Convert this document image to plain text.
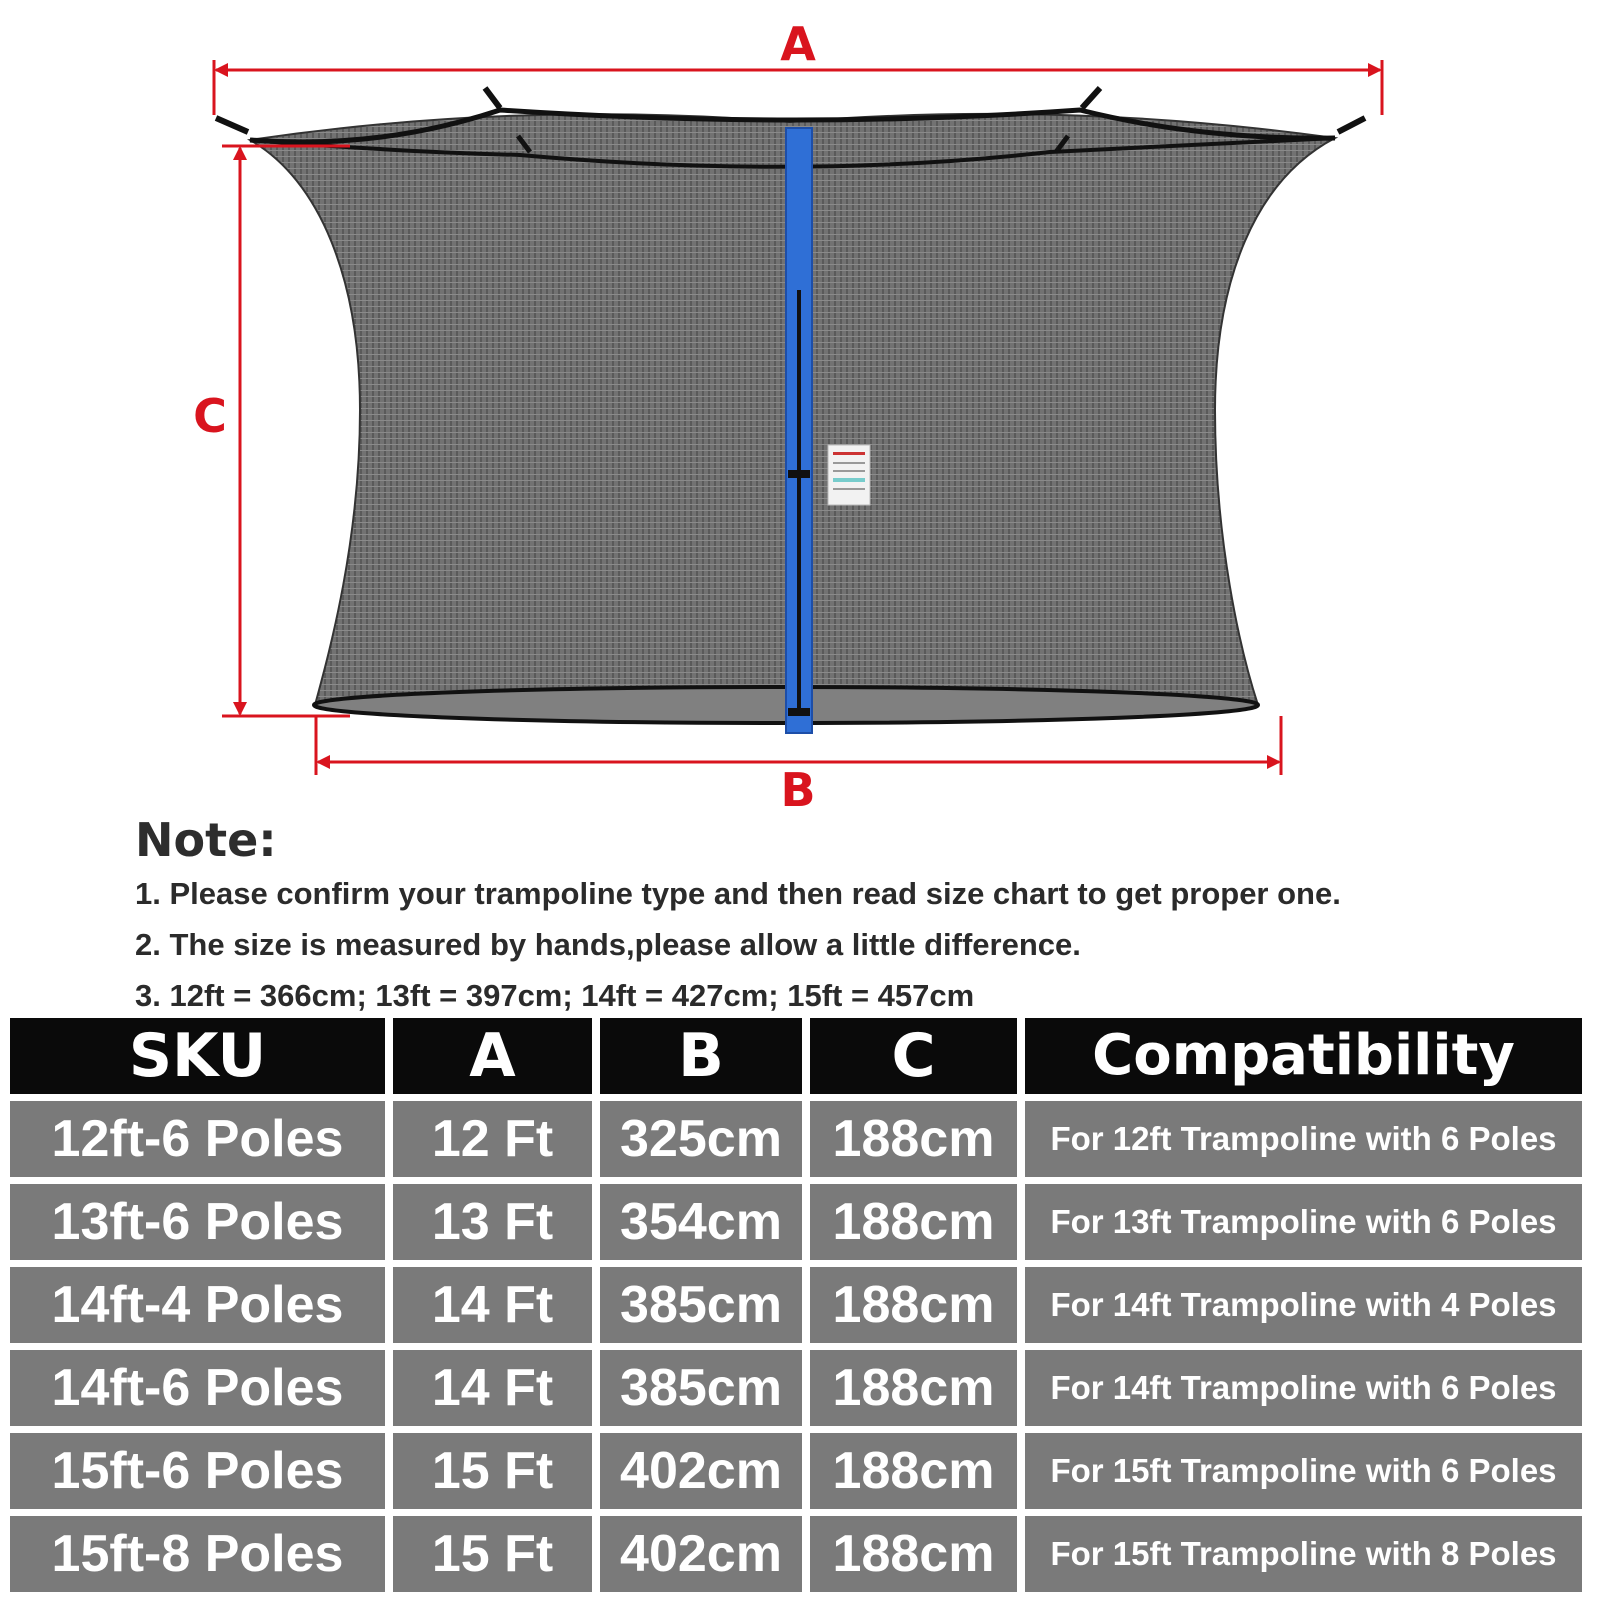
A
C
B

Note:

1. Please confirm your trampoline type and then read size chart to get proper one.

2. The size is measured by hands,please allow a little difference.

3. 12ft = 366cm; 13ft = 397cm; 14ft = 427cm; 15ft = 457cm

SKU	A	B	C	Compatibility
12ft-6 Poles	12 Ft	325cm	188cm	For 12ft Trampoline with 6 Poles
13ft-6 Poles	13 Ft	354cm	188cm	For 13ft Trampoline with 6 Poles
14ft-4 Poles	14 Ft	385cm	188cm	For 14ft Trampoline with 4 Poles
14ft-6 Poles	14 Ft	385cm	188cm	For 14ft Trampoline with 6 Poles
15ft-6 Poles	15 Ft	402cm	188cm	For 15ft Trampoline with 6 Poles
15ft-8 Poles	15 Ft	402cm	188cm	For 15ft Trampoline with 8 Poles
